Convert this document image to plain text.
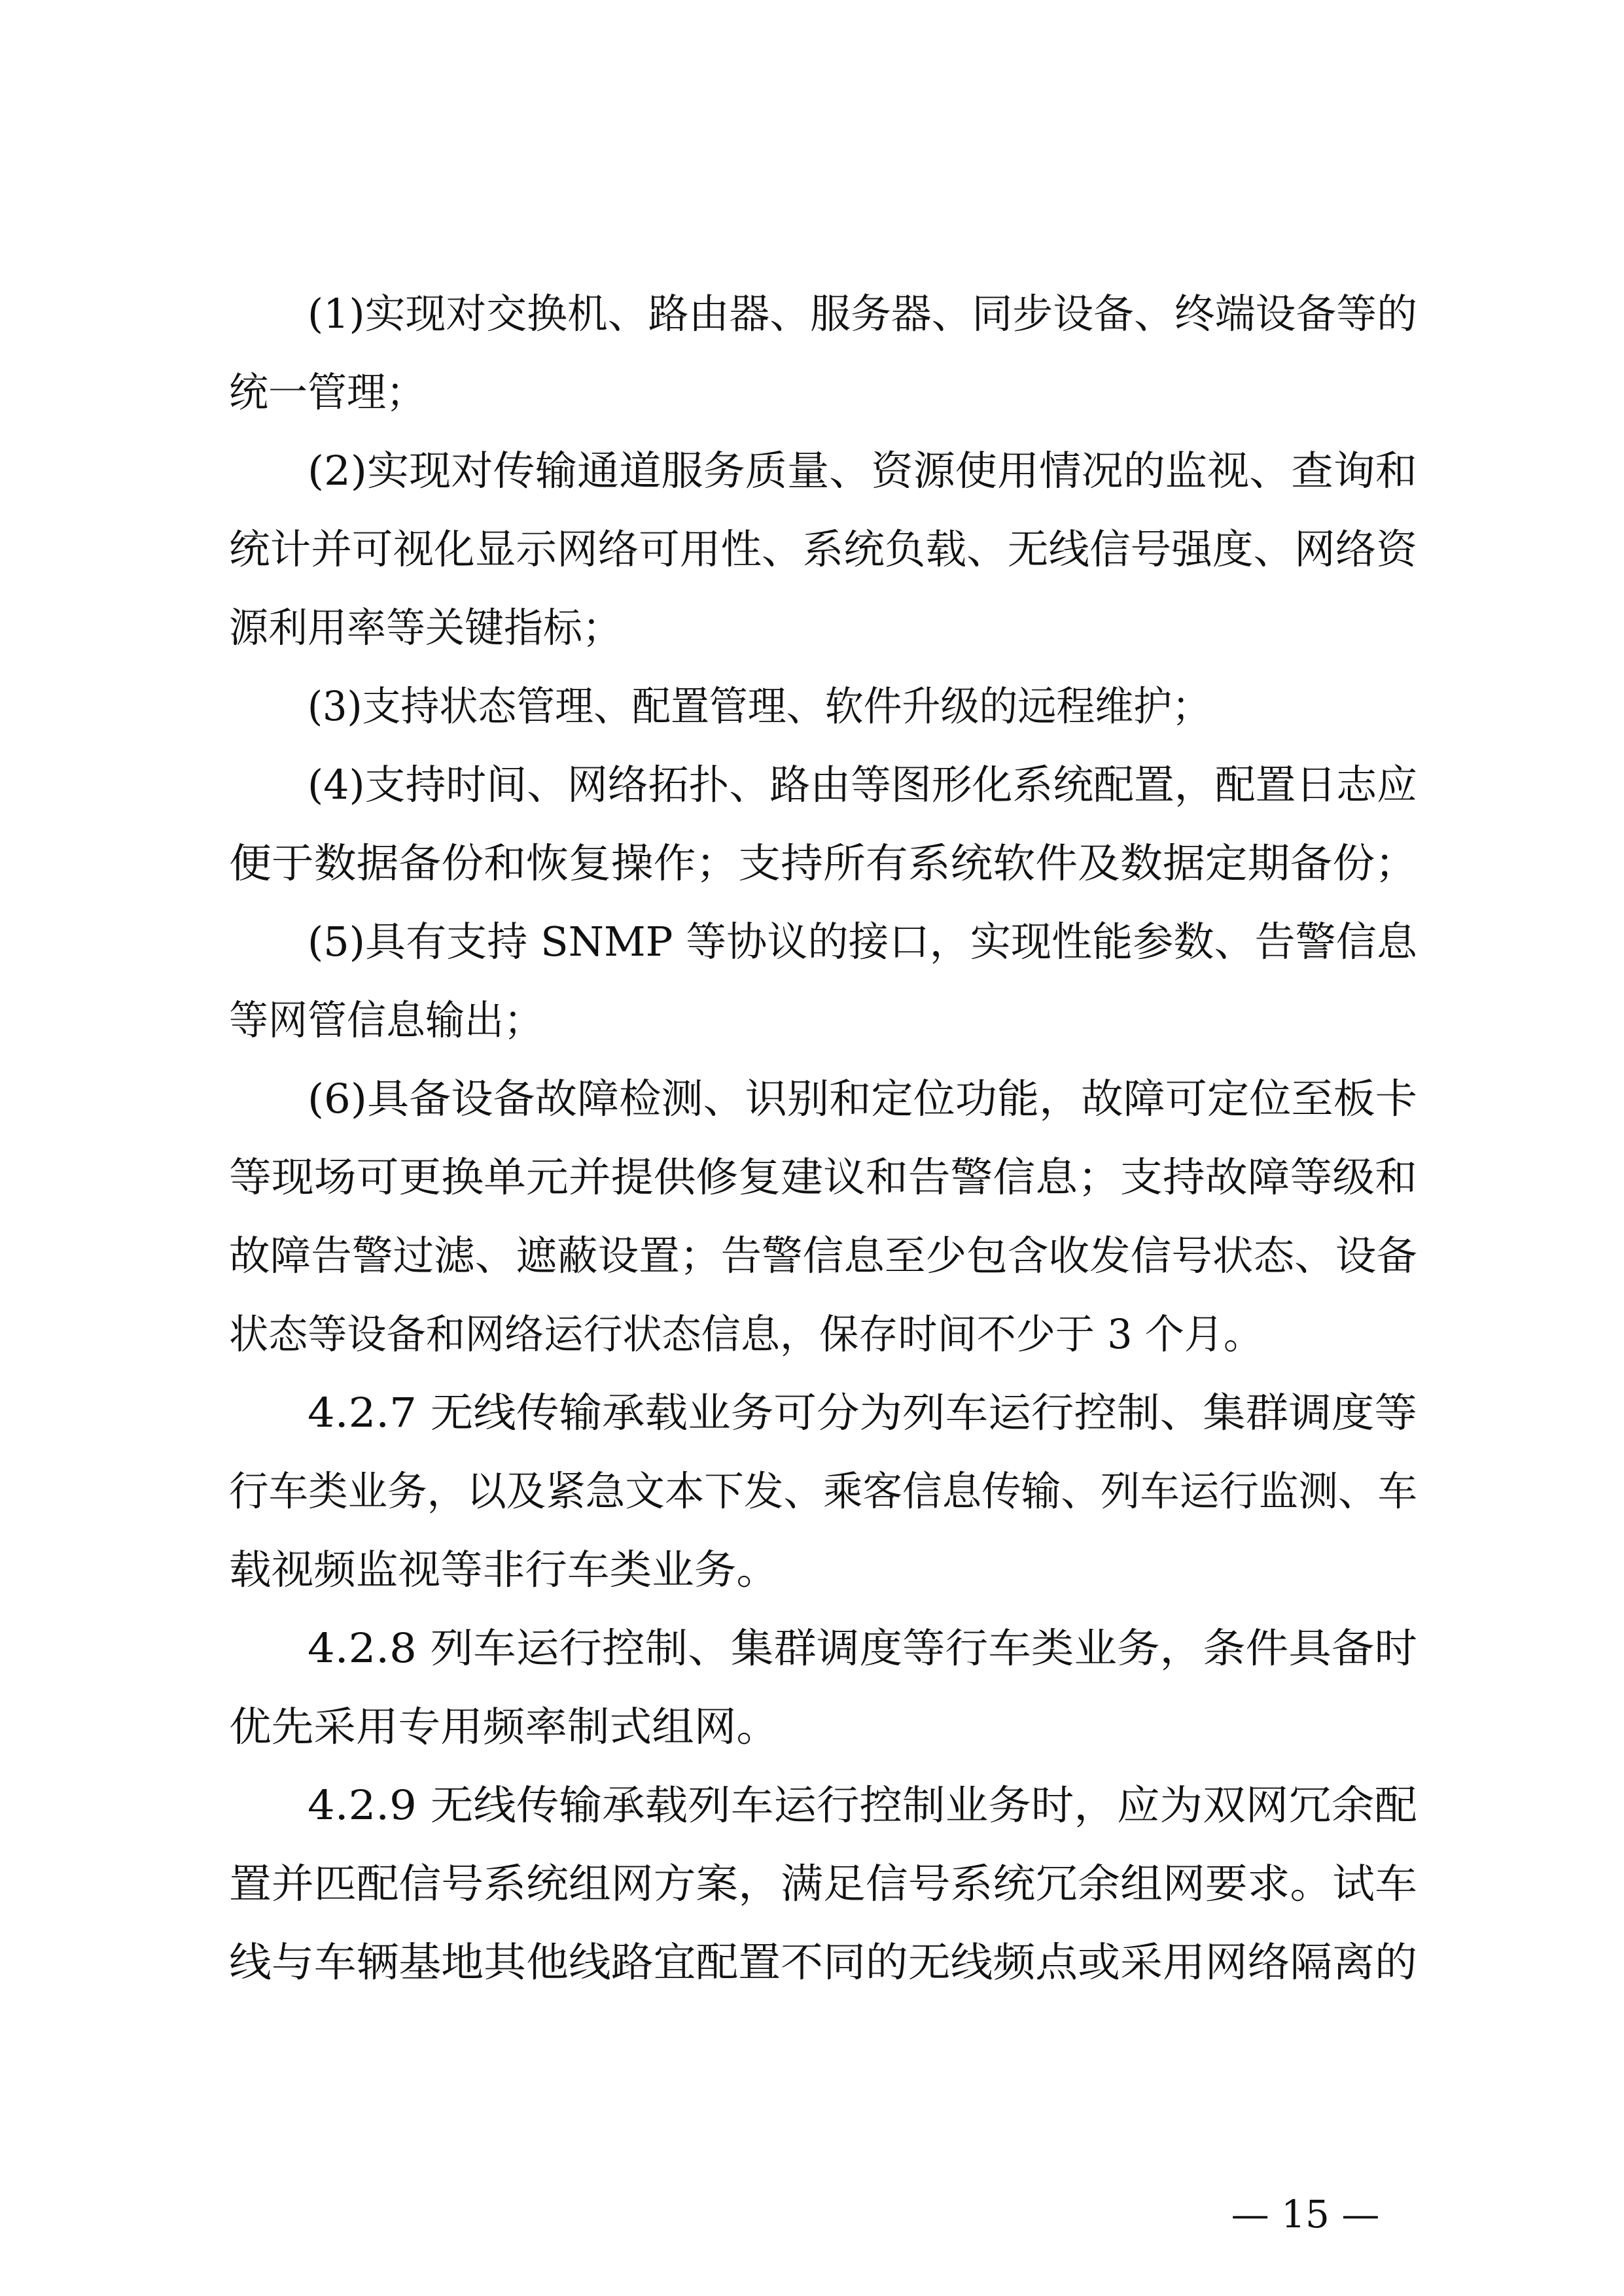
(1)实现对交换机、路由器、服务器、同步设备、终端设备等的
统一管理；
(2)实现对传输通道服务质量、资源使用情况的监视、查询和
统计并可视化显示网络可用性、系统负载、无线信号强度、网络资
源利用率等关键指标；
(3)支持状态管理、配置管理、软件升级的远程维护；
(4)支持时间、网络拓扑、路由等图形化系统配置，配置日志应
便于数据备份和恢复操作；支持所有系统软件及数据定期备份；
(5)具有支持 SNMP 等协议的接口，实现性能参数、告警信息
等网管信息输出；
(6)具备设备故障检测、识别和定位功能，故障可定位至板卡
等现场可更换单元并提供修复建议和告警信息；支持故障等级和
故障告警过滤、遮蔽设置；告警信息至少包含收发信号状态、设备
状态等设备和网络运行状态信息，保存时间不少于 3 个月。
4.2.7 无线传输承载业务可分为列车运行控制、集群调度等
行车类业务，以及紧急文本下发、乘客信息传输、列车运行监测、车
载视频监视等非行车类业务。
4.2.8 列车运行控制、集群调度等行车类业务，条件具备时
优先采用专用频率制式组网。
4.2.9 无线传输承载列车运行控制业务时，应为双网冗余配
置并匹配信号系统组网方案，满足信号系统冗余组网要求。试车
线与车辆基地其他线路宜配置不同的无线频点或采用网络隔离的
— 15 —
